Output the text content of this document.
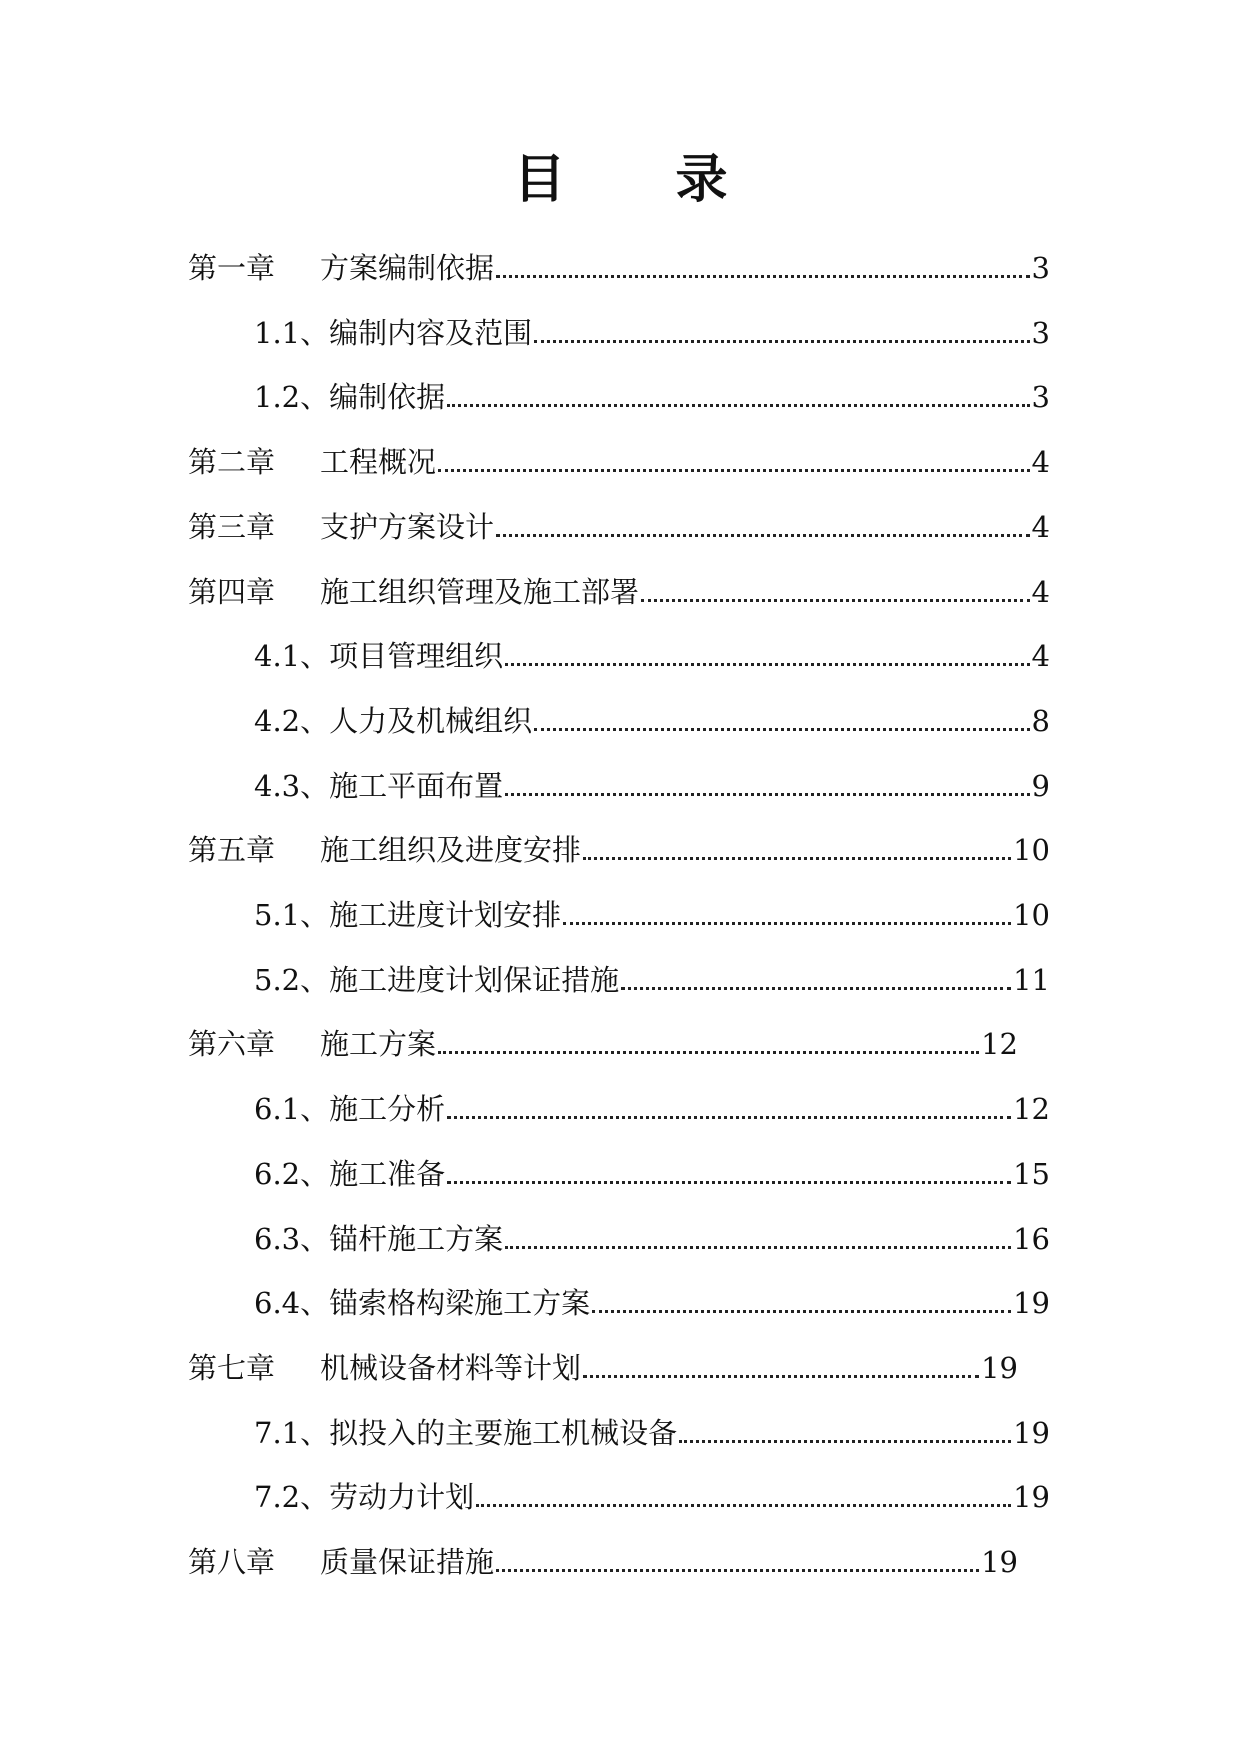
目 录
第一章	方案编制依据	3
1.1、 编制内容及范围	3
1.2、 编制依据	3
第二章	工程概况	4
第三章	支护方案设计	4
第四章	施工组织管理及施工部署	4
4.1、 项目管理组织	4
4.2、 人力及机械组织	8
4.3、 施工平面布置	9
第五章	施工组织及进度安排	10
5.1、 施工进度计划安排	10
5.2、 施工进度计划保证措施	11
第六章	施工方案	12
6.1、 施工分析	12
6.2、 施工准备	15
6.3、 锚杆施工方案	16
6.4、 锚索格构梁施工方案	19
第七章	机械设备材料等计划	19
7.1、 拟投入的主要施工机械设备	19
7.2、 劳动力计划	19
第八章	质量保证措施	19
